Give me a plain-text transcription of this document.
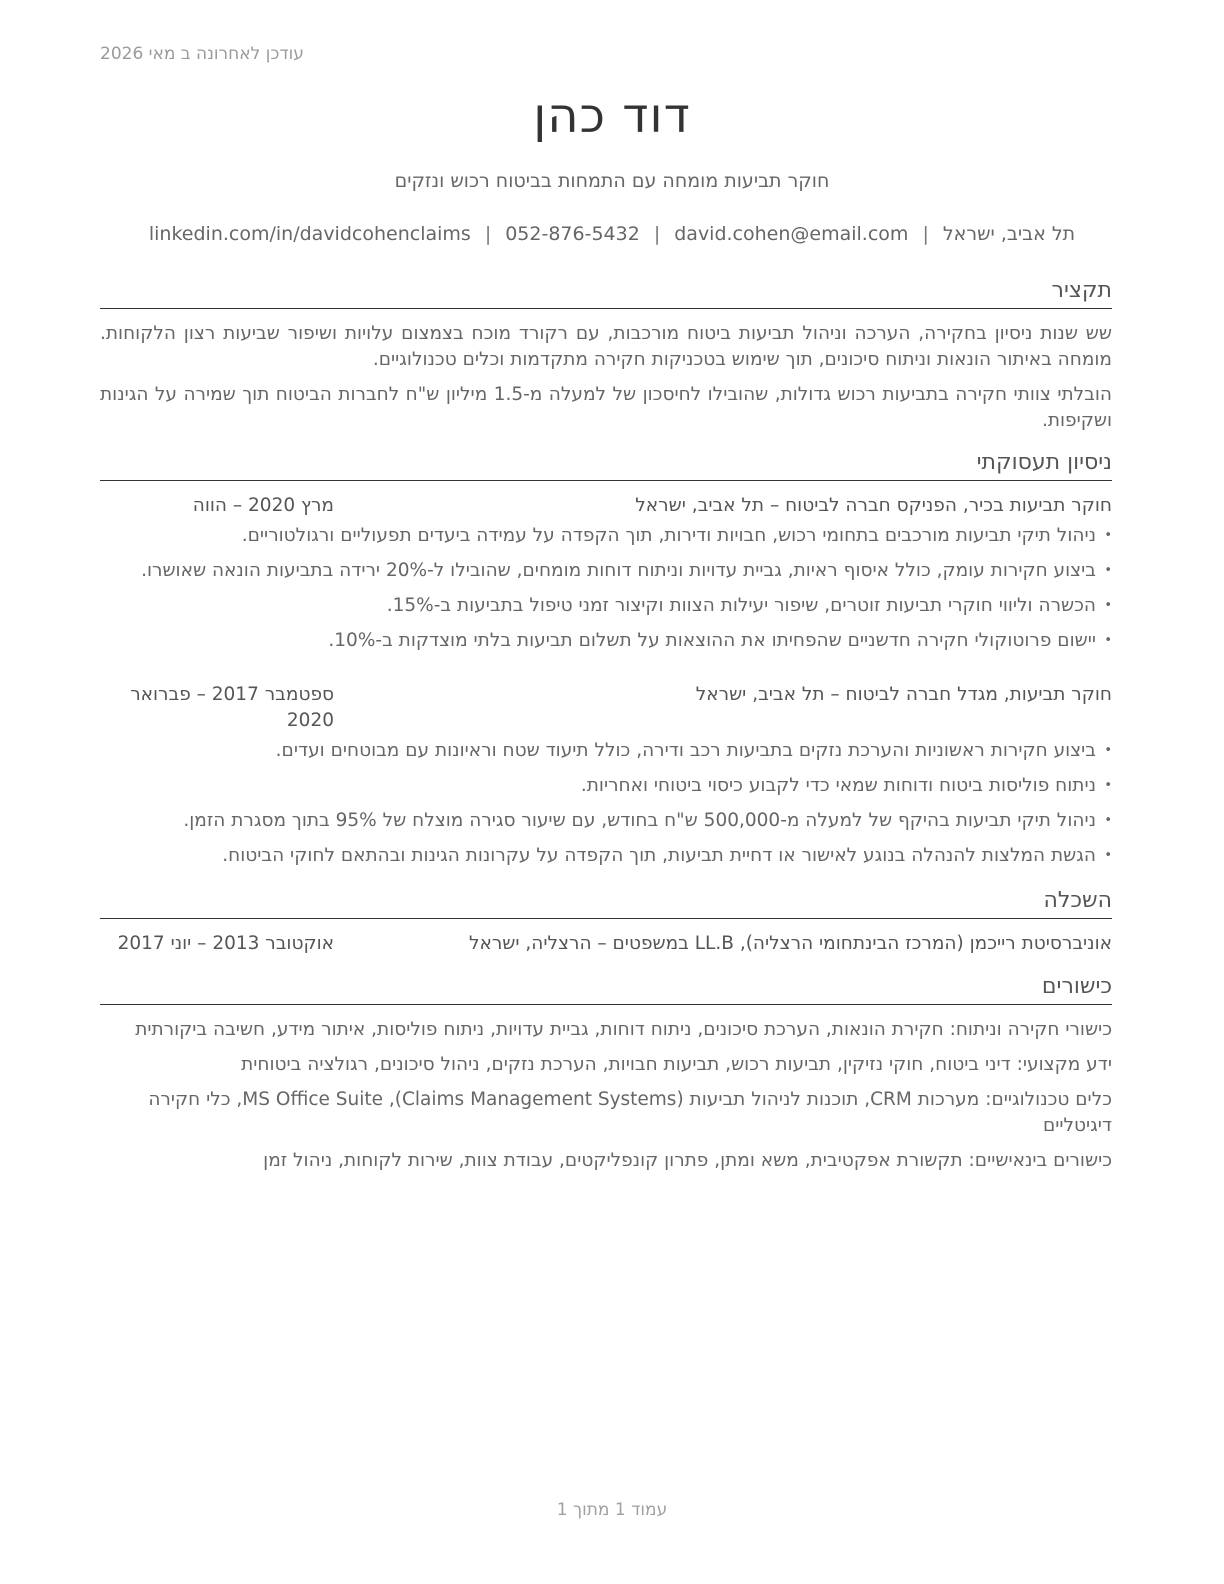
עודכן לאחרונה ב מאי 2026
דוד כהן
חוקר תביעות מומחה עם התמחות בביטוח רכוש ונזקים
תל אביב, ישראל|david.cohen@email.com|052-876-5432|linkedin.com/in/davidcohenclaims
תקציר

שש שנות ניסיון בחקירה, הערכה וניהול תביעות ביטוח מורכבות, עם רקורד מוכח בצמצום עלויות ושיפור שביעות רצון הלקוחות. מומחה באיתור הונאות וניתוח סיכונים, תוך שימוש בטכניקות חקירה מתקדמות וכלים טכנולוגיים.

הובלתי צוותי חקירה בתביעות רכוש גדולות, שהובילו לחיסכון של למעלה מ-1.5 מיליון ש"ח לחברות הביטוח תוך שמירה על הגינות ושקיפות.

ניסיון תעסוקתי
חוקר תביעות בכיר, הפניקס חברה לביטוח – תל אביב, ישראל
מרץ 2020 – הווה
• ניהול תיקי תביעות מורכבים בתחומי רכוש, חבויות ודירות, תוך הקפדה על עמידה ביעדים תפעוליים ורגולטוריים.
• ביצוע חקירות עומק, כולל איסוף ראיות, גביית עדויות וניתוח דוחות מומחים, שהובילו ל-20% ירידה בתביעות הונאה שאושרו.
• הכשרה וליווי חוקרי תביעות זוטרים, שיפור יעילות הצוות וקיצור זמני טיפול בתביעות ב-15%.
• יישום פרוטוקולי חקירה חדשניים שהפחיתו את ההוצאות על תשלום תביעות בלתי מוצדקות ב-10%.
חוקר תביעות, מגדל חברה לביטוח – תל אביב, ישראל
ספטמבר 2017 – פברואר 2020
• ביצוע חקירות ראשוניות והערכת נזקים בתביעות רכב ודירה, כולל תיעוד שטח וראיונות עם מבוטחים ועדים.
• ניתוח פוליסות ביטוח ודוחות שמאי כדי לקבוע כיסוי ביטוחי ואחריות.
• ניהול תיקי תביעות בהיקף של למעלה מ-500,000 ש"ח בחודש, עם שיעור סגירה מוצלח של 95% בתוך מסגרת הזמן.
• הגשת המלצות להנהלה בנוגע לאישור או דחיית תביעות, תוך הקפדה על עקרונות הגינות ובהתאם לחוקי הביטוח.
השכלה
אוניברסיטת רייכמן (המרכז הבינתחומי הרצליה), LL.B במשפטים – הרצליה, ישראל
אוקטובר 2013 – יוני 2017
כישורים
כישורי חקירה וניתוח: חקירת הונאות, הערכת סיכונים, ניתוח דוחות, גביית עדויות, ניתוח פוליסות, איתור מידע, חשיבה ביקורתית
ידע מקצועי: דיני ביטוח, חוקי נזיקין, תביעות רכוש, תביעות חבויות, הערכת נזקים, ניהול סיכונים, רגולציה ביטוחית
כלים טכנולוגיים: מערכות CRM, תוכנות לניהול תביעות (Claims Management Systems), MS Office Suite, כלי חקירה דיגיטליים
כישורים בינאישיים: תקשורת אפקטיבית, משא ומתן, פתרון קונפליקטים, עבודת צוות, שירות לקוחות, ניהול זמן
עמוד 1 מתוך 1
